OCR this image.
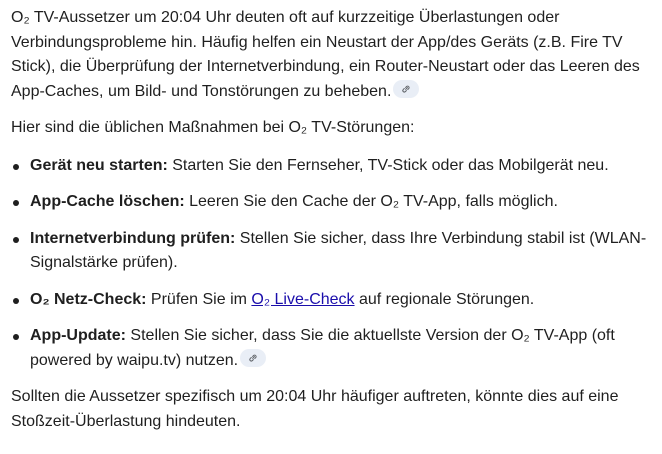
O₂ TV-Aussetzer um 20:04 Uhr deuten oft auf kurzzeitige Überlastungen oder Verbindungsprobleme hin. Häufig helfen ein Neustart der App/des Geräts (z.B. Fire TV Stick), die Überprüfung der Internetverbindung, ein Router-Neustart oder das Leeren des App-Caches, um Bild- und Tonstörungen zu beheben.

Hier sind die üblichen Maßnahmen bei O₂ TV-Störungen:

Gerät neu starten: Starten Sie den Fernseher, TV-Stick oder das Mobilgerät neu.
App-Cache löschen: Leeren Sie den Cache der O₂ TV-App, falls möglich.
Internetverbindung prüfen: Stellen Sie sicher, dass Ihre Verbindung stabil ist (WLAN-Signalstärke prüfen).
O₂ Netz-Check: Prüfen Sie im O₂ Live-Check auf regionale Störungen.
App-Update: Stellen Sie sicher, dass Sie die aktuellste Version der O₂ TV-App (oft powered by waipu.tv) nutzen.

Sollten die Aussetzer spezifisch um 20:04 Uhr häufiger auftreten, könnte dies auf eine Stoßzeit-Überlastung hindeuten.
